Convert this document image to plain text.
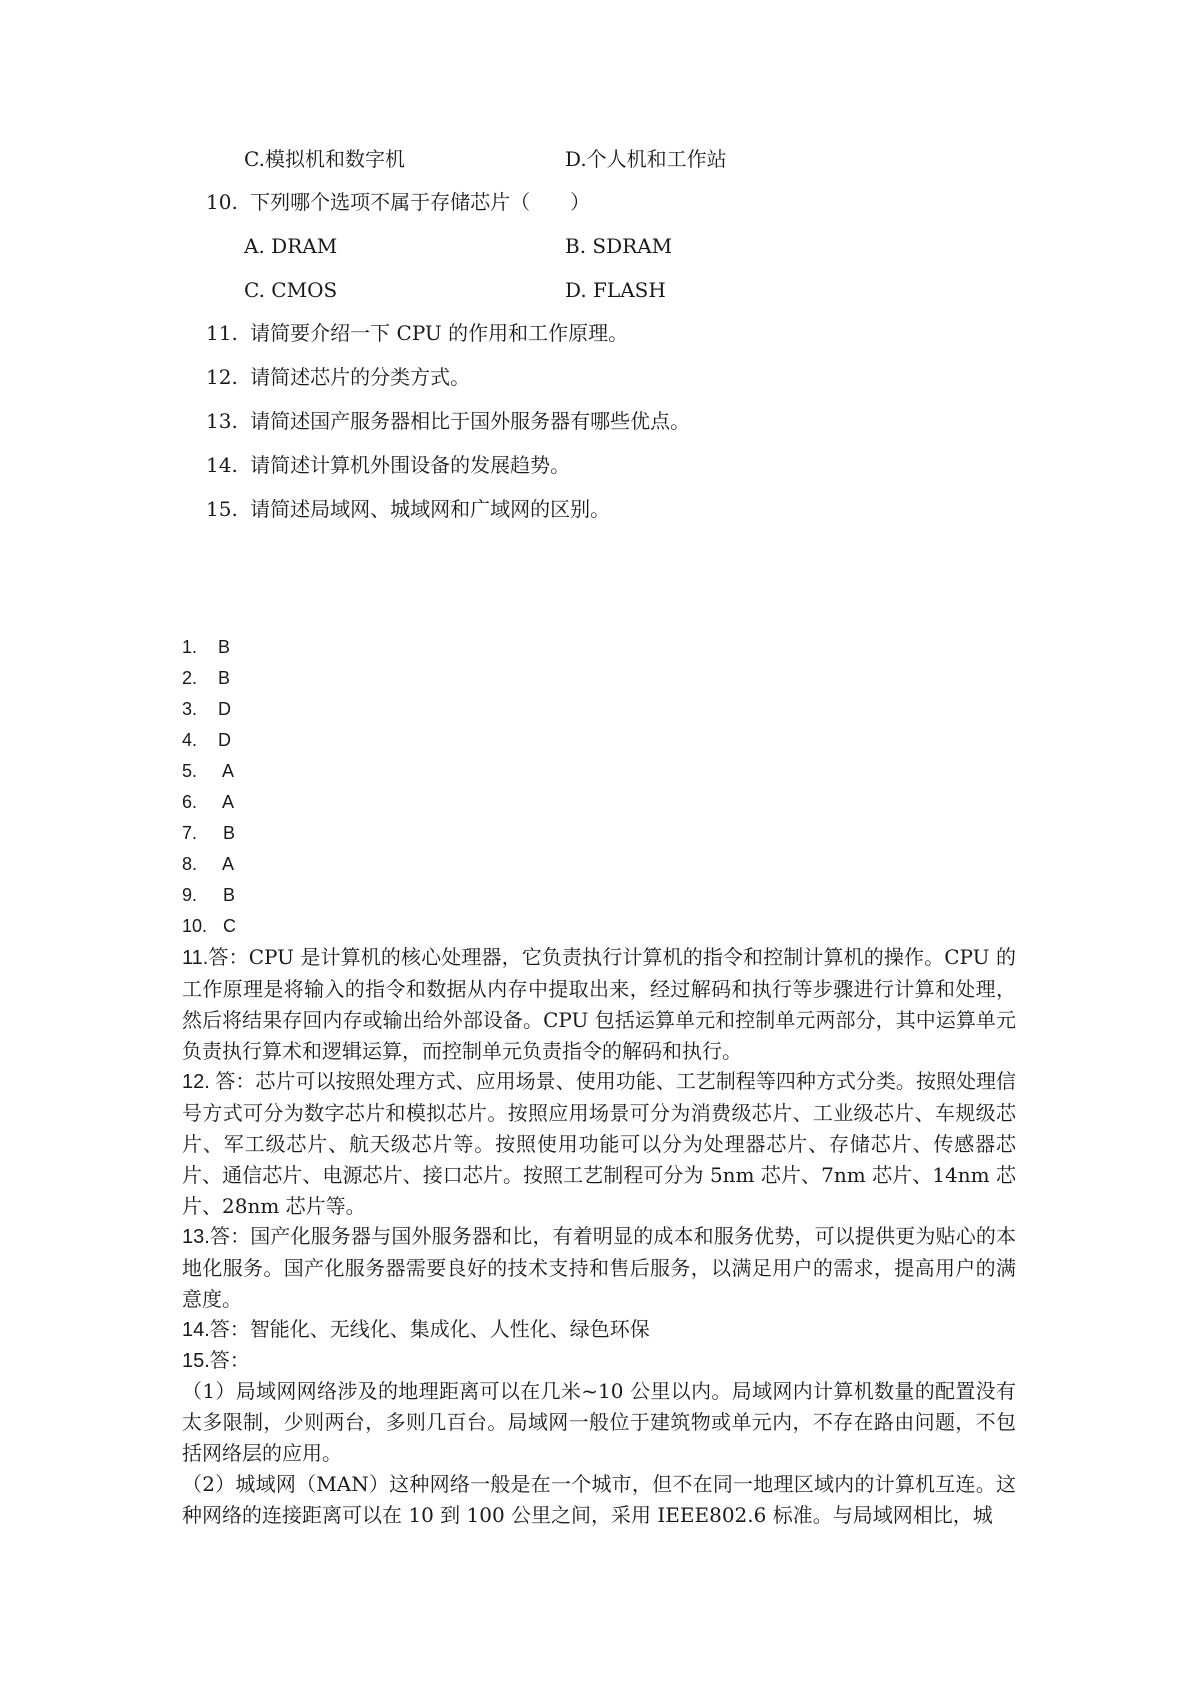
C.模拟机和数字机	D.个人机和工作站
10. 下列哪个选项不属于存储芯片（　　）
A. DRAM	B. SDRAM
C. CMOS	D. FLASH
11. 请简要介绍一下 CPU 的作用和工作原理。
12. 请简述芯片的分类方式。
13. 请简述国产服务器相比于国外服务器有哪些优点。
14. 请简述计算机外围设备的发展趋势。
15. 请简述局域网、城域网和广域网的区别。
1. B
2. B
3. D
4. D
5. A
6. A
7. B
8. A
9. B
10. C
11.答：CPU 是计算机的核心处理器，它负责执行计算机的指令和控制计算机的操作。CPU 的工作原理是将输入的指令和数据从内存中提取出来，经过解码和执行等步骤进行计算和处理，然后将结果存回内存或输出给外部设备。CPU 包括运算单元和控制单元两部分，其中运算单元负责执行算术和逻辑运算，而控制单元负责指令的解码和执行。
12. 答：芯片可以按照处理方式、应用场景、使用功能、工艺制程等四种方式分类。按照处理信号方式可分为数字芯片和模拟芯片。按照应用场景可分为消费级芯片、工业级芯片、车规级芯片、军工级芯片、航天级芯片等。按照使用功能可以分为处理器芯片、存储芯片、传感器芯片、通信芯片、电源芯片、接口芯片。按照工艺制程可分为 5nm 芯片、7nm 芯片、14nm 芯片、28nm 芯片等。
13.答：国产化服务器与国外服务器和比，有着明显的成本和服务优势，可以提供更为贴心的本地化服务。国产化服务器需要良好的技术支持和售后服务，以满足用户的需求，提高用户的满意度。
14.答：智能化、无线化、集成化、人性化、绿色环保
15.答：
（1）局域网网络涉及的地理距离可以在几米~10 公里以内。局域网内计算机数量的配置没有太多限制，少则两台，多则几百台。局域网一般位于建筑物或单元内，不存在路由问题，不包括网络层的应用。
（2）城域网（MAN）这种网络一般是在一个城市，但不在同一地理区域内的计算机互连。这种网络的连接距离可以在 10 到 100 公里之间，采用 IEEE802.6 标准。与局域网相比，城
